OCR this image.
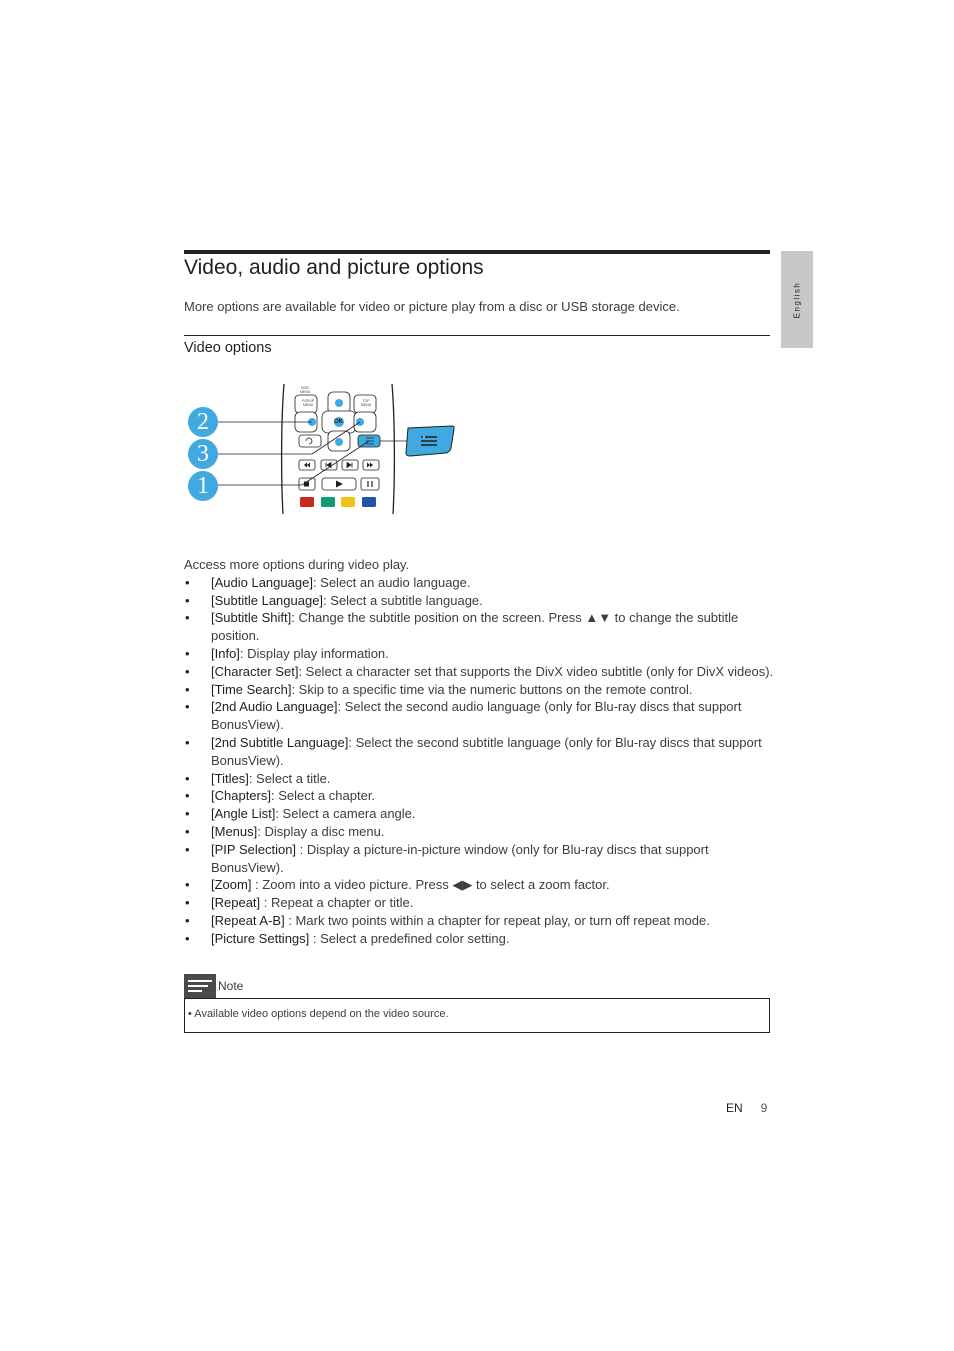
English
Video, audio and picture options

More options are available for video or picture play from a disc or USB storage device.

Video options
DISC
MENU
POPUP
MENU
TOP
MENU
OK
2
3
1

Access more options during video play.

• [Audio Language]: Select an audio language.
• [Subtitle Language]: Select a subtitle language.
• [Subtitle Shift]: Change the subtitle position on the screen. Press ▲▼ to change the subtitle position.
• [Info]: Display play information.
• [Character Set]: Select a character set that supports the DivX video subtitle (only for DivX videos).
• [Time Search]: Skip to a specific time via the numeric buttons on the remote control.
• [2nd Audio Language]: Select the second audio language (only for Blu-ray discs that support BonusView).
• [2nd Subtitle Language]: Select the second subtitle language (only for Blu-ray discs that support BonusView).
• [Titles]: Select a title.
• [Chapters]: Select a chapter.
• [Angle List]: Select a camera angle.
• [Menus]: Display a disc menu.
• [PIP Selection] : Display a picture-in-picture window (only for Blu-ray discs that support BonusView).
• [Zoom] : Zoom into a video picture. Press ◀▶ to select a zoom factor.
• [Repeat] : Repeat a chapter or title.
• [Repeat A-B] : Mark two points within a chapter for repeat play, or turn off repeat mode.
• [Picture Settings] : Select a predefined color setting.
Note

• Available video options depend on the video source.

EN 9
